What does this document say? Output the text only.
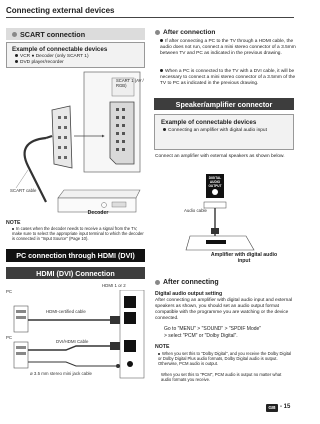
Connecting external devices
SCART connection
Example of connectable devices
VCR ● Decoder (only SCART 1)
DVD player/recorder
SCART 1 (AV / RGB)
SCART cable
Decoder
NOTE
In cases when the decoder needs to receive a signal from the TV, make sure to select the appropriate input terminal to which the decoder is connected in "Input Source" (Page 10).
PC connection through HDMI (DVI)
HDMI (DVI) Connection
HDMI 1 or 2
PC
HDMI-certified cable
PC
DVI/HDMI Cable
ø 3.5 mm stereo mini jack cable
After connection
If after connecting a PC to the TV through a HDMI cable, the audio does not run, connect a mini stereo connector of a 3.5mm between TV and PC as indicated in the previous drawing.
When a PC is connected to the TV with a DVI cable, it will be necessary to connect a mini stereo connector of a 3.5mm of the TV to PC as indicated in the previous drawing.
Speaker/amplifier connector
Example of connectable devices
Connecting an amplifier with digital audio input
Connect an amplifier with external speakers as shown below.
DIGITAL AUDIO OUTPUT
Audio cable
Amplifier with digital audio input
After connecting
Digital audio output setting
After connecting an amplifier with digital audio input and external speakers as shown, you should set an audio output format compatible with the programme you are watching or the device connected.
Go to "MENU" > "SOUND" > "SPDIF Mode"
> select "PCM" or "Dolby Digital".
NOTE
When you set this to "Dolby Digital", and you receive the Dolby Digital or Dolby Digital Plus audio formats, Dolby Digital audio is output. Otherwise, PCM audio is output.
When you set this to "PCM", PCM audio is output no matter what audio formats you receive.
GB - 15
